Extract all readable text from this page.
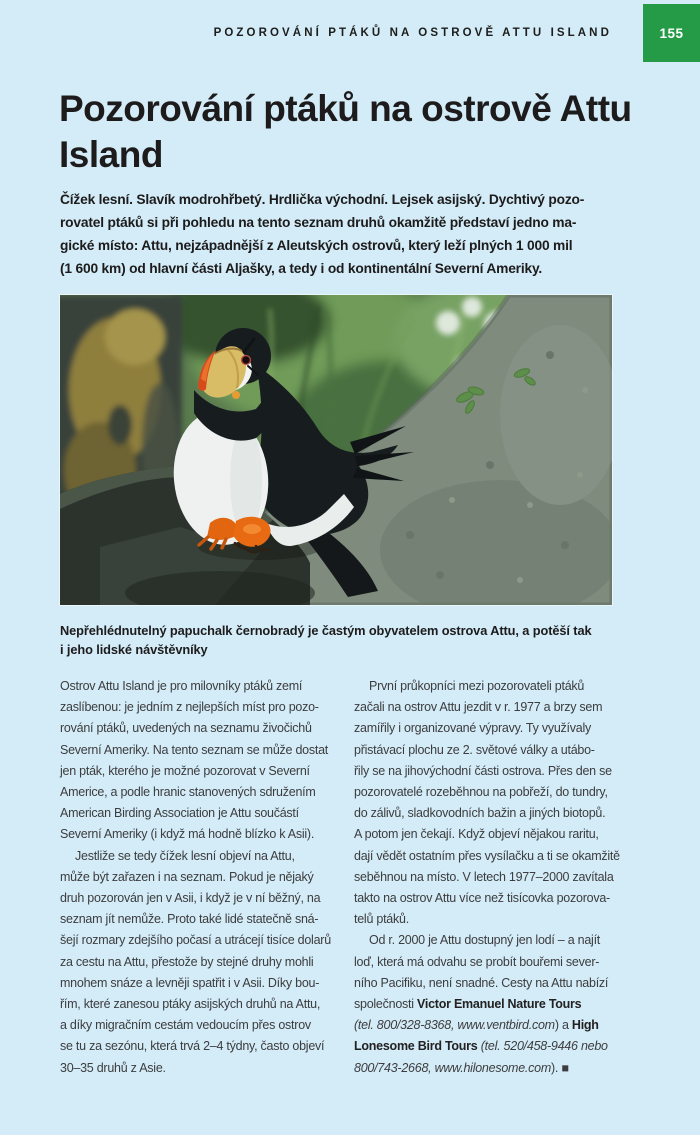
POZOROVÁNÍ PTÁKŮ NA OSTROVĚ ATTU ISLAND	155
Pozorování ptáků na ostrově Attu Island
Čížek lesní. Slavík modrohřbetý. Hrdlička východní. Lejsek asijský. Dychtivý pozo-
rovatel ptáků si při pohledu na tento seznam druhů okamžitě představí jedno ma-
gické místo: Attu, nejzápadnější z Aleutských ostrovů, který leží plných 1 000 mil
(1 600 km) od hlavní části Aljašky, a tedy i od kontinentální Severní Ameriky.
Nepřehlédnutelný papuchalk černobradý je častým obyvatelem ostrova Attu, a potěší tak
i jeho lidské návštěvníky
Ostrov Attu Island je pro milovníky ptáků zemí
zaslíbenou: je jedním z nejlepších míst pro pozo-
rování ptáků, uvedených na seznamu živočichů
Severní Ameriky. Na tento seznam se může dostat
jen pták, kterého je možné pozorovat v Severní
Americe, a podle hranic stanovených sdružením
American Birding Association je Attu součástí
Severní Ameriky (i když má hodně blízko k Asii).
Jestliže se tedy čížek lesní objeví na Attu,
může být zařazen i na seznam. Pokud je nějaký
druh pozorován jen v Asii, i když je v ní běžný, na
seznam jít nemůže. Proto také lidé statečně sná-
šejí rozmary zdejšího počasí a utrácejí tisíce dolarů
za cestu na Attu, přestože by stejné druhy mohli
mnohem snáze a levněji spatřit i v Asii. Díky bou-
řím, které zanesou ptáky asijských druhů na Attu,
a díky migračním cestám vedoucím přes ostrov
se tu za sezónu, která trvá 2–4 týdny, často objeví
30–35 druhů z Asie.
První průkopníci mezi pozorovateli ptáků
začali na ostrov Attu jezdit v r. 1977 a brzy sem
zamířily i organizované výpravy. Ty využívaly
přistávací plochu ze 2. světové války a utábo-
řily se na jihovýchodní části ostrova. Přes den se
pozorovatelé rozeběhnou na pobřeží, do tundry,
do zálivů, sladkovodních bažin a jiných biotopů.
A potom jen čekají. Když objeví nějakou raritu,
dají vědět ostatním přes vysílačku a ti se okamžitě
seběhnou na místo. V letech 1977–2000 zavítala
takto na ostrov Attu více než tisícovka pozorova-
telů ptáků.
Od r. 2000 je Attu dostupný jen lodí – a najít
loď, která má odvahu se probít bouřemi sever-
ního Pacifiku, není snadné. Cesty na Attu nabízí
společnosti Victor Emanuel Nature Tours
(tel. 800/328-8368, www.ventbird.com) a High
Lonesome Bird Tours (tel. 520/458-9446 nebo
800/743-2668, www.hilonesome.com). ■
